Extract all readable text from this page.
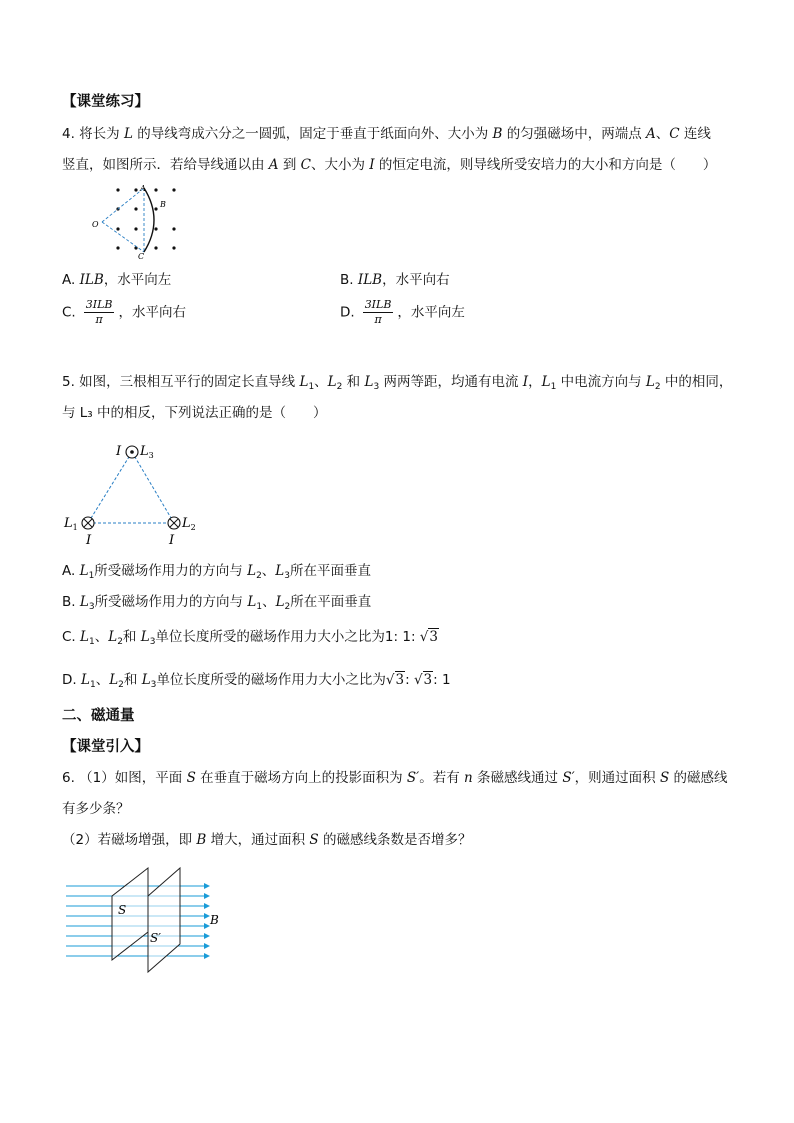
【课堂练习】
4. 将长为 L 的导线弯成六分之一圆弧，固定于垂直于纸面向外、大小为 B 的匀强磁场中，两端点 A、C 连线
竖直，如图所示．若给导线通以由 A 到 C、大小为 I 的恒定电流，则导线所受安培力的大小和方向是（　　）
A
B
C
O
A. ILB，水平向左	B. ILB，水平向右
C. $\frac{\text{3ILB}}{\pi}$ ，水平向右	D. $\frac{\text{3ILB}}{\pi}$ ，水平向左
5. 如图，三根相互平行的固定长直导线 $L_1$、$L_2$ 和 $L_3$ 两两等距，均通有电流 I，$L_1$ 中电流方向与 $L_2$ 中的相同，
与 L₃ 中的相反，下列说法正确的是（　　）
I $L_3$
$L_1$	$L_2$
I	I
A. $L_1$所受磁场作用力的方向与 $L_2$、$L_3$所在平面垂直
B. $L_3$所受磁场作用力的方向与 $L_1$、$L_2$所在平面垂直
C. $L_1$、$L_2$和 $L_3$单位长度所受的磁场作用力大小之比为1: 1: √3
D. $L_1$、$L_2$和 $L_3$单位长度所受的磁场作用力大小之比为√3: √3: 1
二、磁通量
【课堂引入】
6. （1）如图，平面 S 在垂直于磁场方向上的投影面积为 S′。若有 n 条磁感线通过 S′，则通过面积 S 的磁感线
有多少条？
（2）若磁场增强，即 B 增大，通过面积 S 的磁感线条数是否增多？
S
S′
B
